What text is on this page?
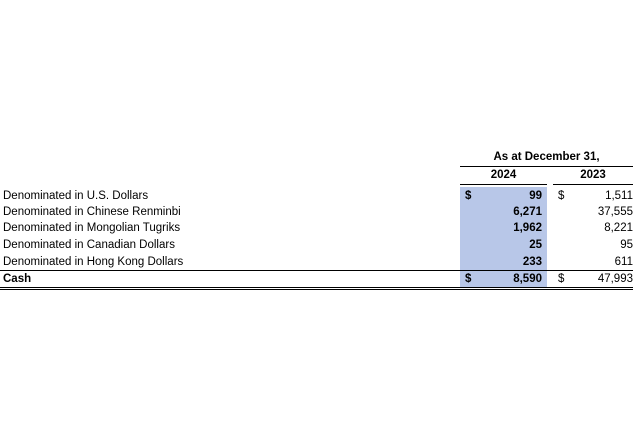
As at December 31,
2024	2023
Denominated in U.S. Dollars	$	99 $	1,511
Denominated in Chinese Renminbi	6,271	37,555
Denominated in Mongolian Tugriks	1,962	8,221
Denominated in Canadian Dollars	25	95
Denominated in Hong Kong Dollars	233	611
Cash	$	8,590 $	47,993
